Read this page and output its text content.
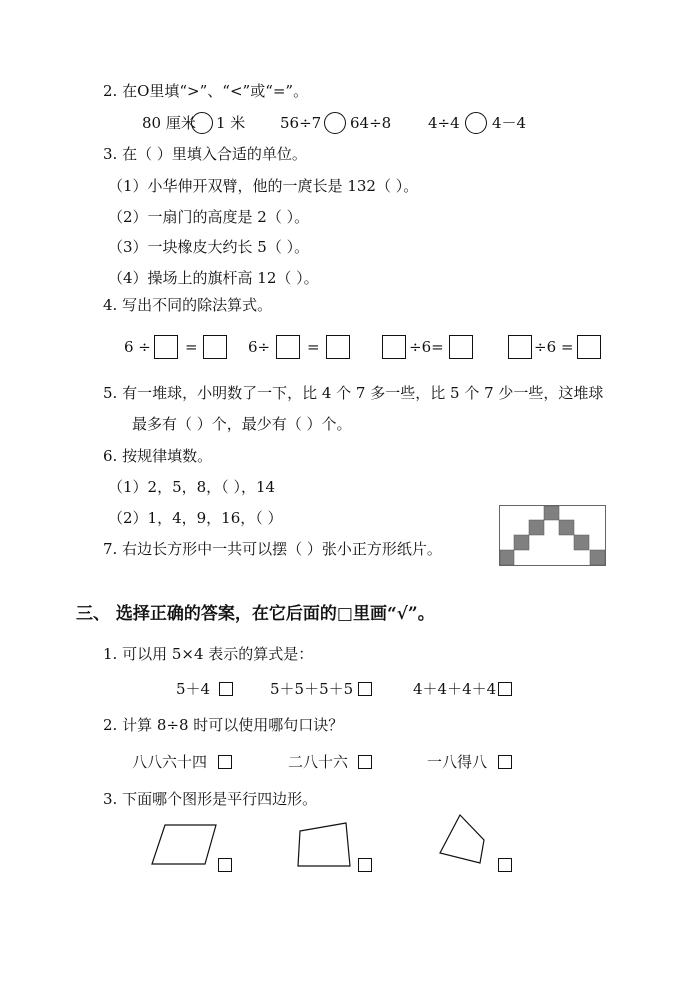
2. 在O里填“>”、“<”或“=”。
80 厘米 1 米 56÷7 64÷8 4÷4 4－4
3. 在（ ）里填入合适的单位。
（1）小华伸开双臂，他的一庹长是 132（ ）。
（2）一扇门的高度是 2（ ）。
（3）一块橡皮大约长 5（ ）。
（4）操场上的旗杆高 12（ ）。
4. 写出不同的除法算式。
6 ÷ =	6÷ =	÷6=	÷6 =
5. 有一堆球，小明数了一下，比 4 个 7 多一些，比 5 个 7 少一些，这堆球
最多有（ ）个，最少有（ ）个。
6. 按规律填数。
（1）2，5，8，（ ），14
（2）1，4，9，16，（ ）
7. 右边长方形中一共可以摆（ ）张小正方形纸片。
三、 选择正确的答案，在它后面的□里画“√”。
1. 可以用 5×4 表示的算式是：
5＋4	5＋5＋5＋5	4＋4＋4＋4
2. 计算 8÷8 时可以使用哪句口诀？
八八六十四	二八十六	一八得八
3. 下面哪个图形是平行四边形。
